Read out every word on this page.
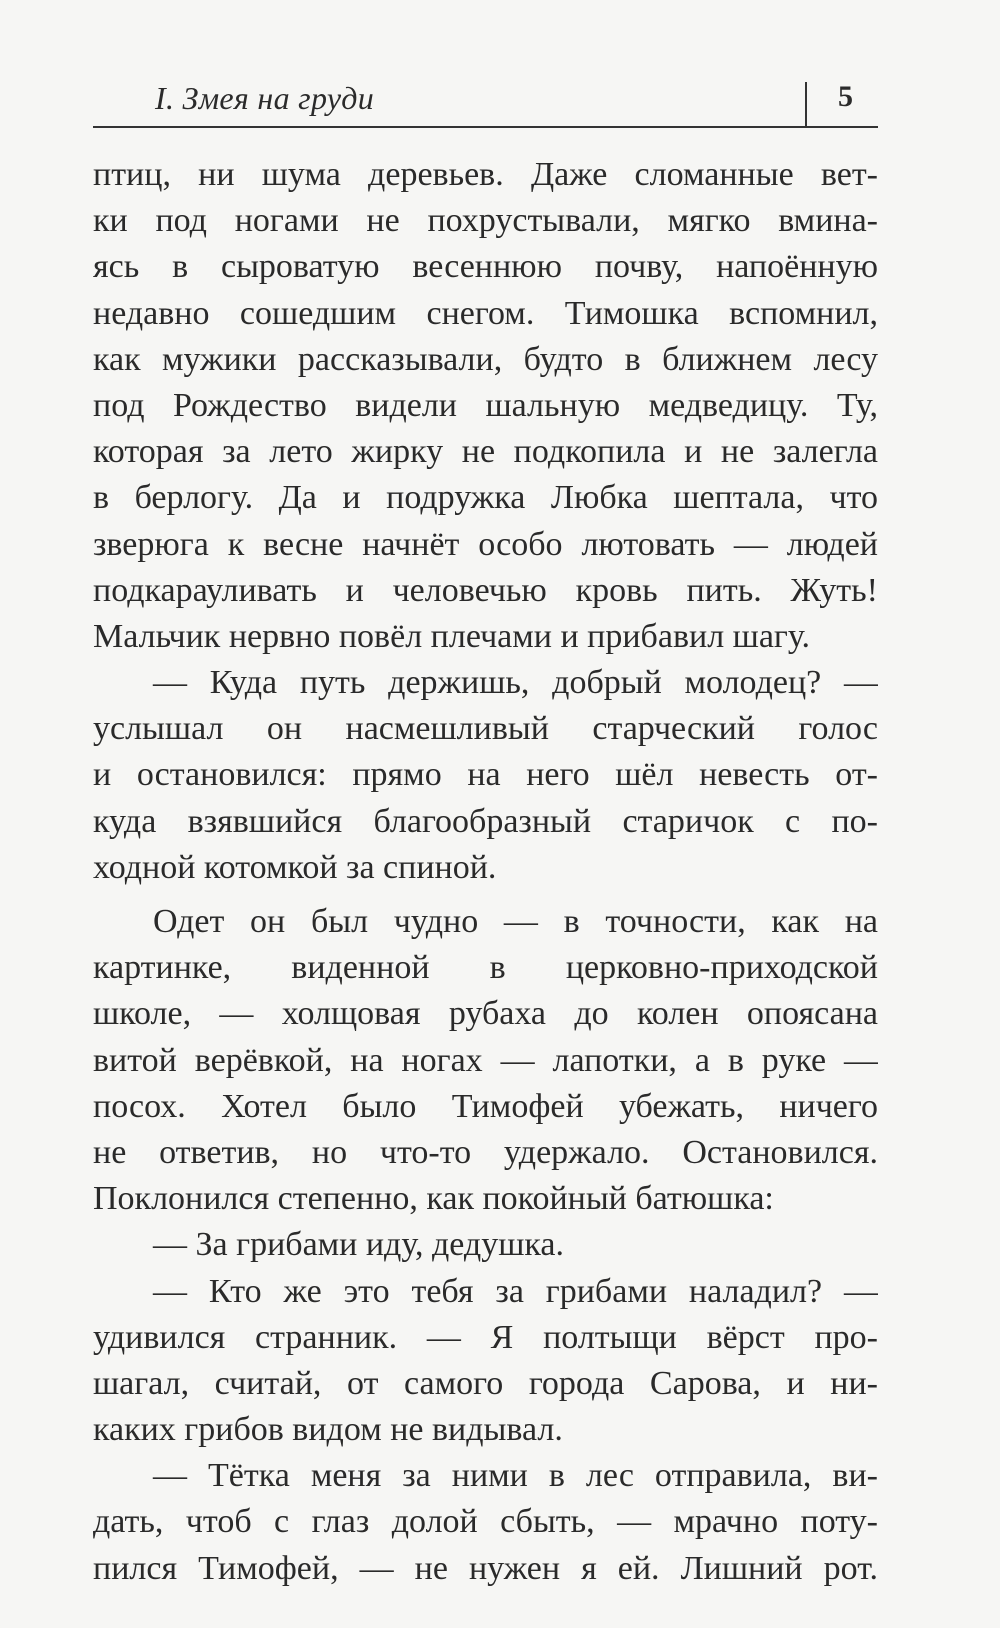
I. Змея на груди	5
птиц, ни шума деревьев. Даже сломанные вет-
ки под ногами не похрустывали, мягко вмина-
ясь в сыроватую весеннюю почву, напоённую
недавно сошедшим снегом. Тимошка вспомнил,
как мужики рассказывали, будто в ближнем лесу
под Рождество видели шальную медведицу. Ту,
которая за лето жирку не подкопила и не залегла
в берлогу. Да и подружка Любка шептала, что
зверюга к весне начнёт особо лютовать — людей
подкарауливать и человечью кровь пить. Жуть!
Мальчик нервно повёл плечами и прибавил шагу.
— Куда путь держишь, добрый молодец? —
услышал он насмешливый старческий голос
и остановился: прямо на него шёл невесть от-
куда взявшийся благообразный старичок с по-
ходной котомкой за спиной.
Одет он был чудно — в точности, как на
картинке, виденной в церковно-приходской
школе, — холщовая рубаха до колен опоясана
витой верёвкой, на ногах — лапотки, а в руке —
посох. Хотел было Тимофей убежать, ничего
не ответив, но что-то удержало. Остановился.
Поклонился степенно, как покойный батюшка:
— За грибами иду, дедушка.
— Кто же это тебя за грибами наладил? —
удивился странник. — Я полтыщи вёрст про-
шагал, считай, от самого города Сарова, и ни-
каких грибов видом не видывал.
— Тётка меня за ними в лес отправила, ви-
дать, чтоб с глаз долой сбыть, — мрачно поту-
пился Тимофей, — не нужен я ей. Лишний рот.
